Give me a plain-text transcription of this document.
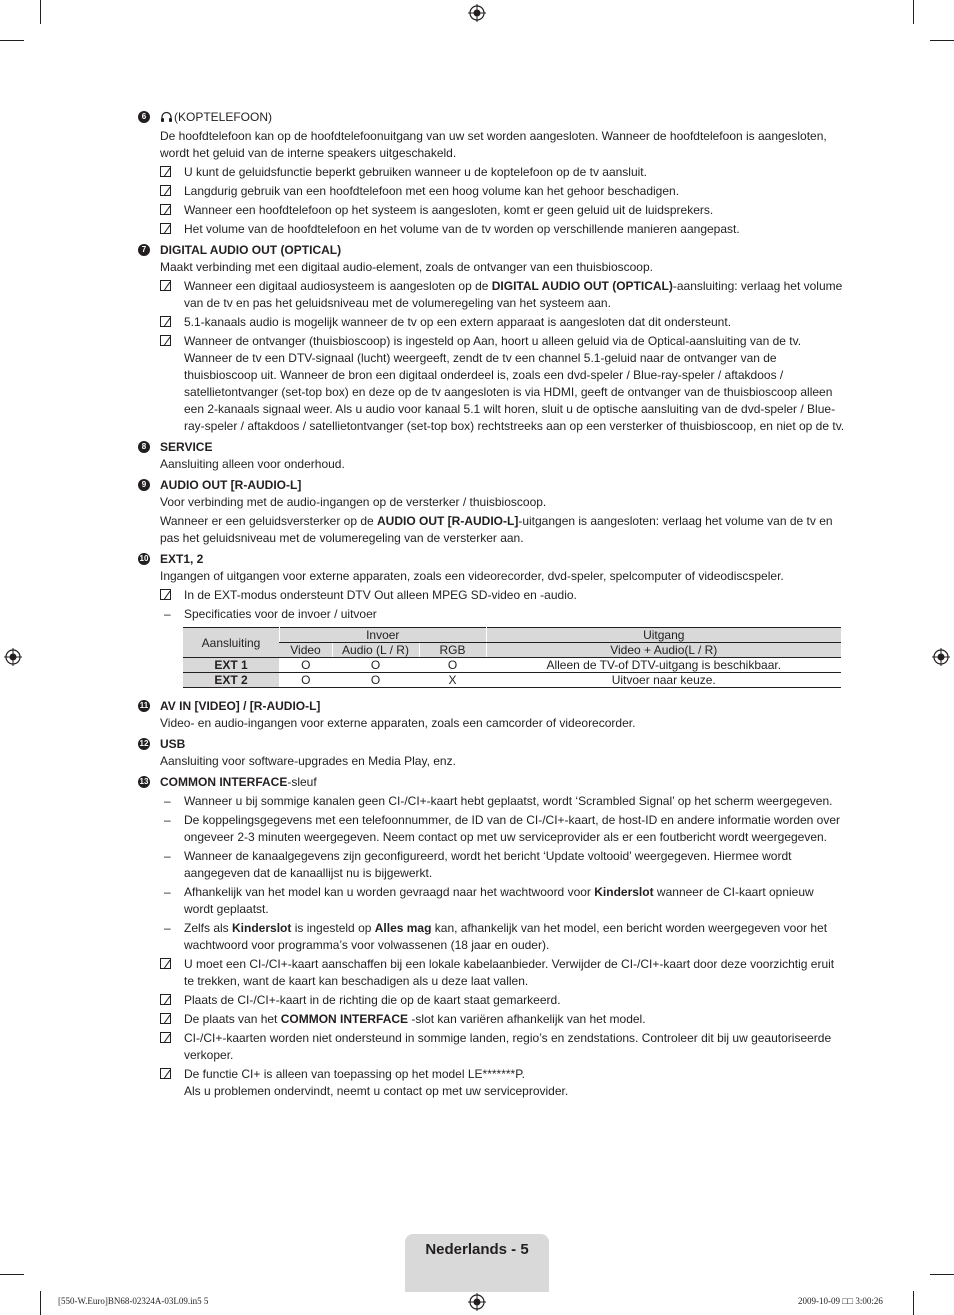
6	(KOPTELEFOON)

De hoofdtelefoon kan op de hoofdtelefoonuitgang van uw set worden aangesloten. Wanneer de hoofdtelefoon is aangesloten, wordt het geluid van de interne speakers uitgeschakeld.

U kunt de geluidsfunctie beperkt gebruiken wanneer u de koptelefoon op de tv aansluit.
Langdurig gebruik van een hoofdtelefoon met een hoog volume kan het gehoor beschadigen.
Wanneer een hoofdtelefoon op het systeem is aangesloten, komt er geen geluid uit de luidsprekers.
Het volume van de hoofdtelefoon en het volume van de tv worden op verschillende manieren aangepast.
7	DIGITAL AUDIO OUT (OPTICAL)

Maakt verbinding met een digitaal audio-element, zoals de ontvanger van een thuisbioscoop.

Wanneer een digitaal audiosysteem is aangesloten op de DIGITAL AUDIO OUT (OPTICAL)-aansluiting: verlaag het volume van de tv en pas het geluidsniveau met de volumeregeling van het systeem aan.
5.1-kanaals audio is mogelijk wanneer de tv op een extern apparaat is aangesloten dat dit ondersteunt.
Wanneer de ontvanger (thuisbioscoop) is ingesteld op Aan, hoort u alleen geluid via de Optical-aansluiting van de tv. Wanneer de tv een DTV-signaal (lucht) weergeeft, zendt de tv een channel 5.1-geluid naar de ontvanger van de thuisbioscoop uit. Wanneer de bron een digitaal onderdeel is, zoals een dvd-speler / Blue-ray-speler / aftakdoos / satellietontvanger (set-top box) en deze op de tv aangesloten is via HDMI, geeft de ontvanger van de thuisbioscoop alleen een 2-kanaals signaal weer. Als u audio voor kanaal 5.1 wilt horen, sluit u de optische aansluiting van de dvd-speler / Blue-ray-speler / aftakdoos / satellietontvanger (set-top box) rechtstreeks aan op een versterker of thuisbioscoop, en niet op de tv.
8	SERVICE

Aansluiting alleen voor onderhoud.

9	AUDIO OUT [R-AUDIO-L]

Voor verbinding met de audio-ingangen op de versterker / thuisbioscoop.

Wanneer er een geluidsversterker op de AUDIO OUT [R-AUDIO-L]-uitgangen is aangesloten: verlaag het volume van de tv en pas het geluidsniveau met de volumeregeling van de versterker aan.

10 EXT1, 2

Ingangen of uitgangen voor externe apparaten, zoals een videorecorder, dvd-speler, spelcomputer of videodiscspeler.

In de EXT-modus ondersteunt DTV Out alleen MPEG SD-video en -audio.
– Specificaties voor de invoer / uitvoer
Aansluiting	Invoer			Uitgang
	Video	Audio (L / R)	RGB	Video + Audio(L / R)
EXT 1	O	O	O	Alleen de TV-of DTV-uitgang is beschikbaar.
EXT 2	O	O	X	Uitvoer naar keuze.
11 AV IN [VIDEO] / [R-AUDIO-L]

Video- en audio-ingangen voor externe apparaten, zoals een camcorder of videorecorder.

12 USB

Aansluiting voor software-upgrades en Media Play, enz.

13 COMMON INTERFACE-sleuf
– Wanneer u bij sommige kanalen geen CI-/CI+-kaart hebt geplaatst, wordt ‘Scrambled Signal’ op het scherm weergegeven.
– De koppelingsgegevens met een telefoonnummer, de ID van de CI-/CI+-kaart, de host-ID en andere informatie worden over ongeveer 2-3 minuten weergegeven. Neem contact op met uw serviceprovider als er een foutbericht wordt weergegeven.
– Wanneer de kanaalgegevens zijn geconfigureerd, wordt het bericht ‘Update voltooid’ weergegeven. Hiermee wordt aangegeven dat de kanaallijst nu is bijgewerkt.
– Afhankelijk van het model kan u worden gevraagd naar het wachtwoord voor Kinderslot wanneer de CI-kaart opnieuw wordt geplaatst.
– Zelfs als Kinderslot is ingesteld op Alles mag kan, afhankelijk van het model, een bericht worden weergegeven voor het wachtwoord voor programma’s voor volwassenen (18 jaar en ouder).
U moet een CI-/CI+-kaart aanschaffen bij een lokale kabelaanbieder. Verwijder de CI-/CI+-kaart door deze voorzichtig eruit te trekken, want de kaart kan beschadigen als u deze laat vallen.
Plaats de CI-/CI+-kaart in de richting die op de kaart staat gemarkeerd.
De plaats van het COMMON INTERFACE -slot kan variëren afhankelijk van het model.
CI-/CI+-kaarten worden niet ondersteund in sommige landen, regio’s en zendstations. Controleer dit bij uw geautoriseerde verkoper.
De functie CI+ is alleen van toepassing op het model LE*******P.
Als u problemen ondervindt, neemt u contact op met uw serviceprovider.
Nederlands - 5
[550-W.Euro]BN68-02324A-03L09.in5 5	2009-10-09 □□ 3:00:26
